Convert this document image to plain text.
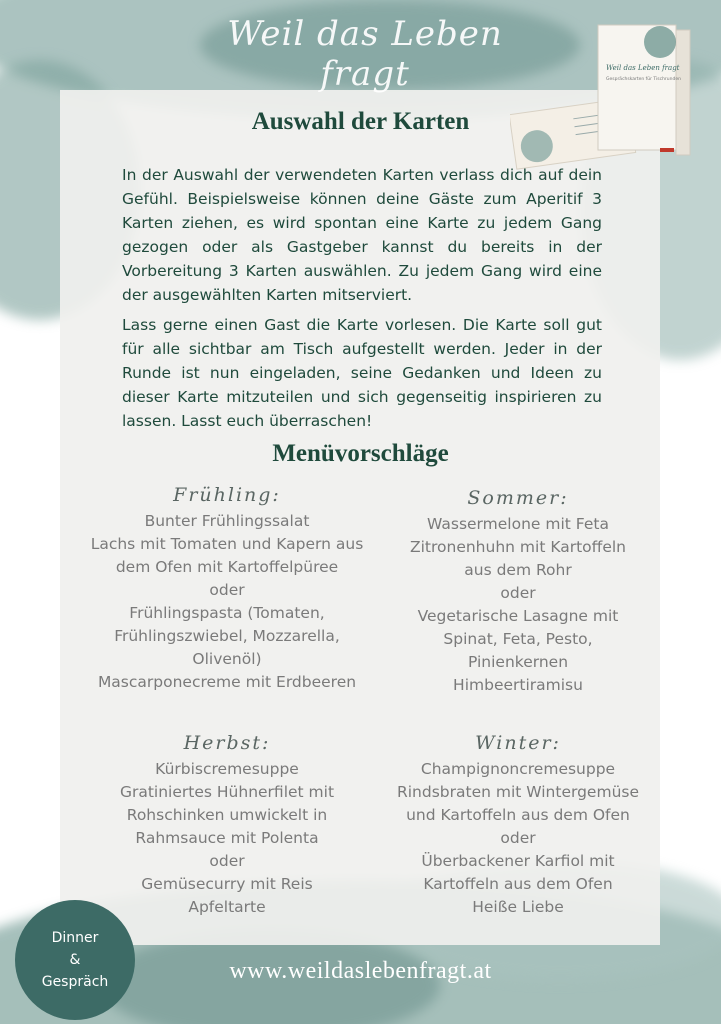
Weil das Leben fragt	Weil das Leben fragt
Gesprächskarten für Tischrunden
Auswahl der Karten

In der Auswahl der verwendeten Karten verlass dich auf dein Gefühl. Beispielsweise können deine Gäste zum Aperitif 3 Karten ziehen, es wird spontan eine Karte zu jedem Gang gezogen oder als Gastgeber kannst du bereits in der Vorbereitung 3 Karten auswählen. Zu jedem Gang wird eine der ausgewählten Karten mitserviert.

Lass gerne einen Gast die Karte vorlesen. Die Karte soll gut für alle sichtbar am Tisch aufgestellt werden. Jeder in der Runde ist nun eingeladen, seine Gedanken und Ideen zu dieser Karte mitzuteilen und sich gegenseitig inspirieren zu lassen. Lasst euch überraschen!

Menüvorschläge
Frühling:
Bunter Frühlingssalat
Lachs mit Tomaten und Kapern aus
dem Ofen mit Kartoffelpüree
oder
Frühlingspasta (Tomaten,
Frühlingszwiebel, Mozzarella,
Olivenöl)
Mascarponecreme mit Erdbeeren
Sommer:
Wassermelone mit Feta
Zitronenhuhn mit Kartoffeln
aus dem Rohr
oder
Vegetarische Lasagne mit
Spinat, Feta, Pesto,
Pinienkernen
Himbeertiramisu
Herbst:
Kürbiscremesuppe
Gratiniertes Hühnerfilet mit
Rohschinken umwickelt in
Rahmsauce mit Polenta
oder
Gemüsecurry mit Reis
Apfeltarte
Winter:
Champignoncremesuppe
Rindsbraten mit Wintergemüse
und Kartoffeln aus dem Ofen
oder
Überbackener Karfiol mit
Kartoffeln aus dem Ofen
Heiße Liebe
Dinner
&
Gespräch	www.weildaslebenfragt.at
